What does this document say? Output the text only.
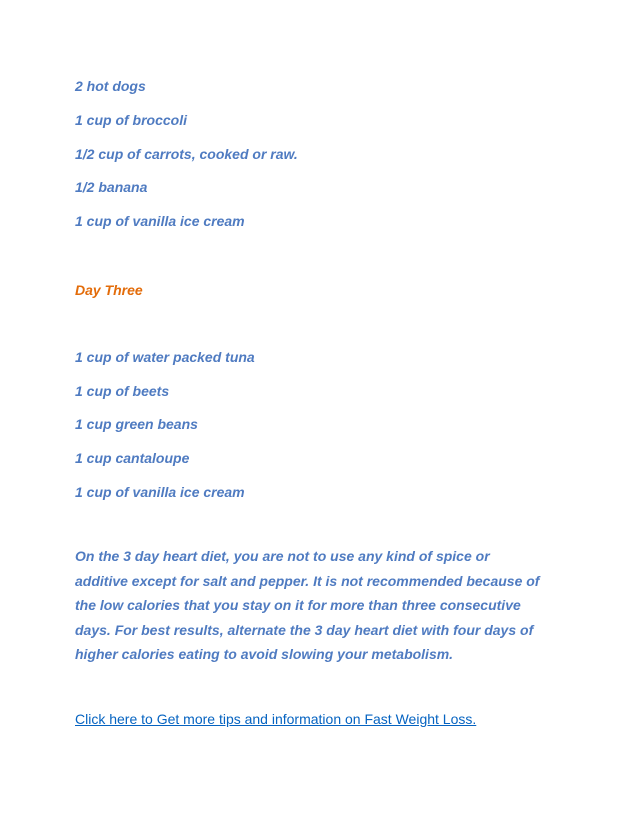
2 hot dogs
1 cup of broccoli
1/2 cup of carrots, cooked or raw.
1/2 banana
1 cup of vanilla ice cream
Day Three
1 cup of water packed tuna
1 cup of beets
1 cup green beans
1 cup cantaloupe
1 cup of vanilla ice cream
On the 3 day heart diet, you are not to use any kind of spice or
additive except for salt and pepper. It is not recommended because of
the low calories that you stay on it for more than three consecutive
days. For best results, alternate the 3 day heart diet with four days of
higher calories eating to avoid slowing your metabolism.
Click here to Get more tips and information on Fast Weight Loss.
